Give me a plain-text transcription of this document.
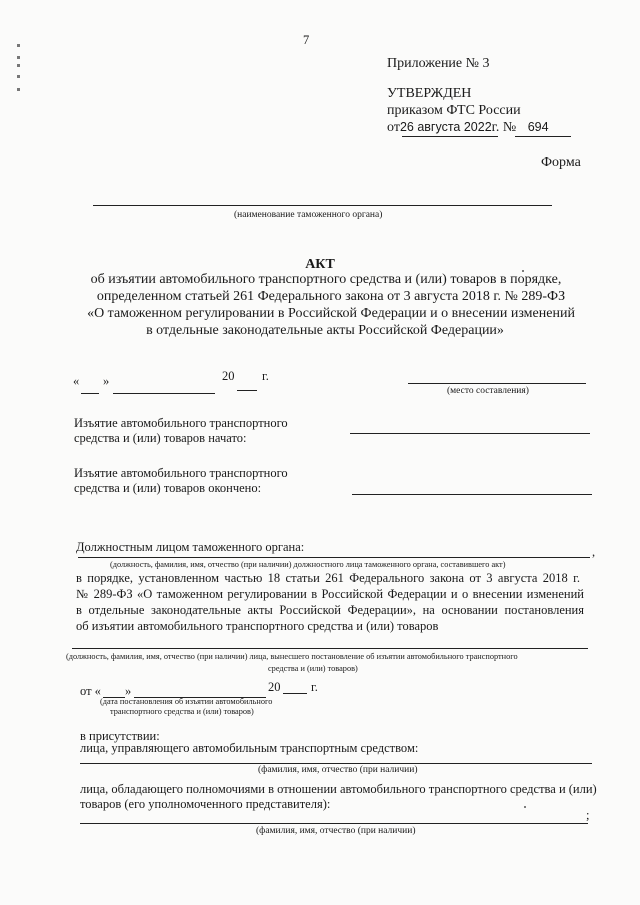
7
Приложение № 3
УТВЕРЖДЕН
приказом ФТС России
от26 августа 2022г. № 694
Форма
(наименование таможенного органа)
АКТ
об изъятии автомобильного транспортного средства и (или) товаров в порядке,
определенном статьей 261 Федерального закона от 3 августа 2018 г. № 289-ФЗ
«О таможенном регулировании в Российской Федерации и о внесении изменений
в отдельные законодательные акты Российской Федерации»
« »	20 г.
(место составления)
Изъятие автомобильного транспортного
средства и (или) товаров начато:
Изъятие автомобильного транспортного
средства и (или) товаров окончено:
Должностным лицом таможенного органа:	,
(должность, фамилия, имя, отчество (при наличии) должностного лица таможенного органа, составившего акт)
в порядке, установленном частью 18 статьи 261 Федерального закона от 3 августа 2018 г.
№ 289-ФЗ «О таможенном регулировании в Российской Федерации и о внесении изменений
в отдельные законодательные акты Российской Федерации», на основании постановления
об изъятии автомобильного транспортного средства и (или) товаров
(должность, фамилия, имя, отчество (при наличии) лица, вынесшего постановление об изъятии автомобильного транспортного
средства и (или) товаров)
от « »	20 г.
(дата постановления об изъятии автомобильного
транспортного средства и (или) товаров)
в присутствии:
лица, управляющего автомобильным транспортным средством:
(фамилия, имя, отчество (при наличии)
лица, обладающего полномочиями в отношении автомобильного транспортного средства и (или)
товаров (его уполномоченного представителя):
;
(фамилия, имя, отчество (при наличии)
